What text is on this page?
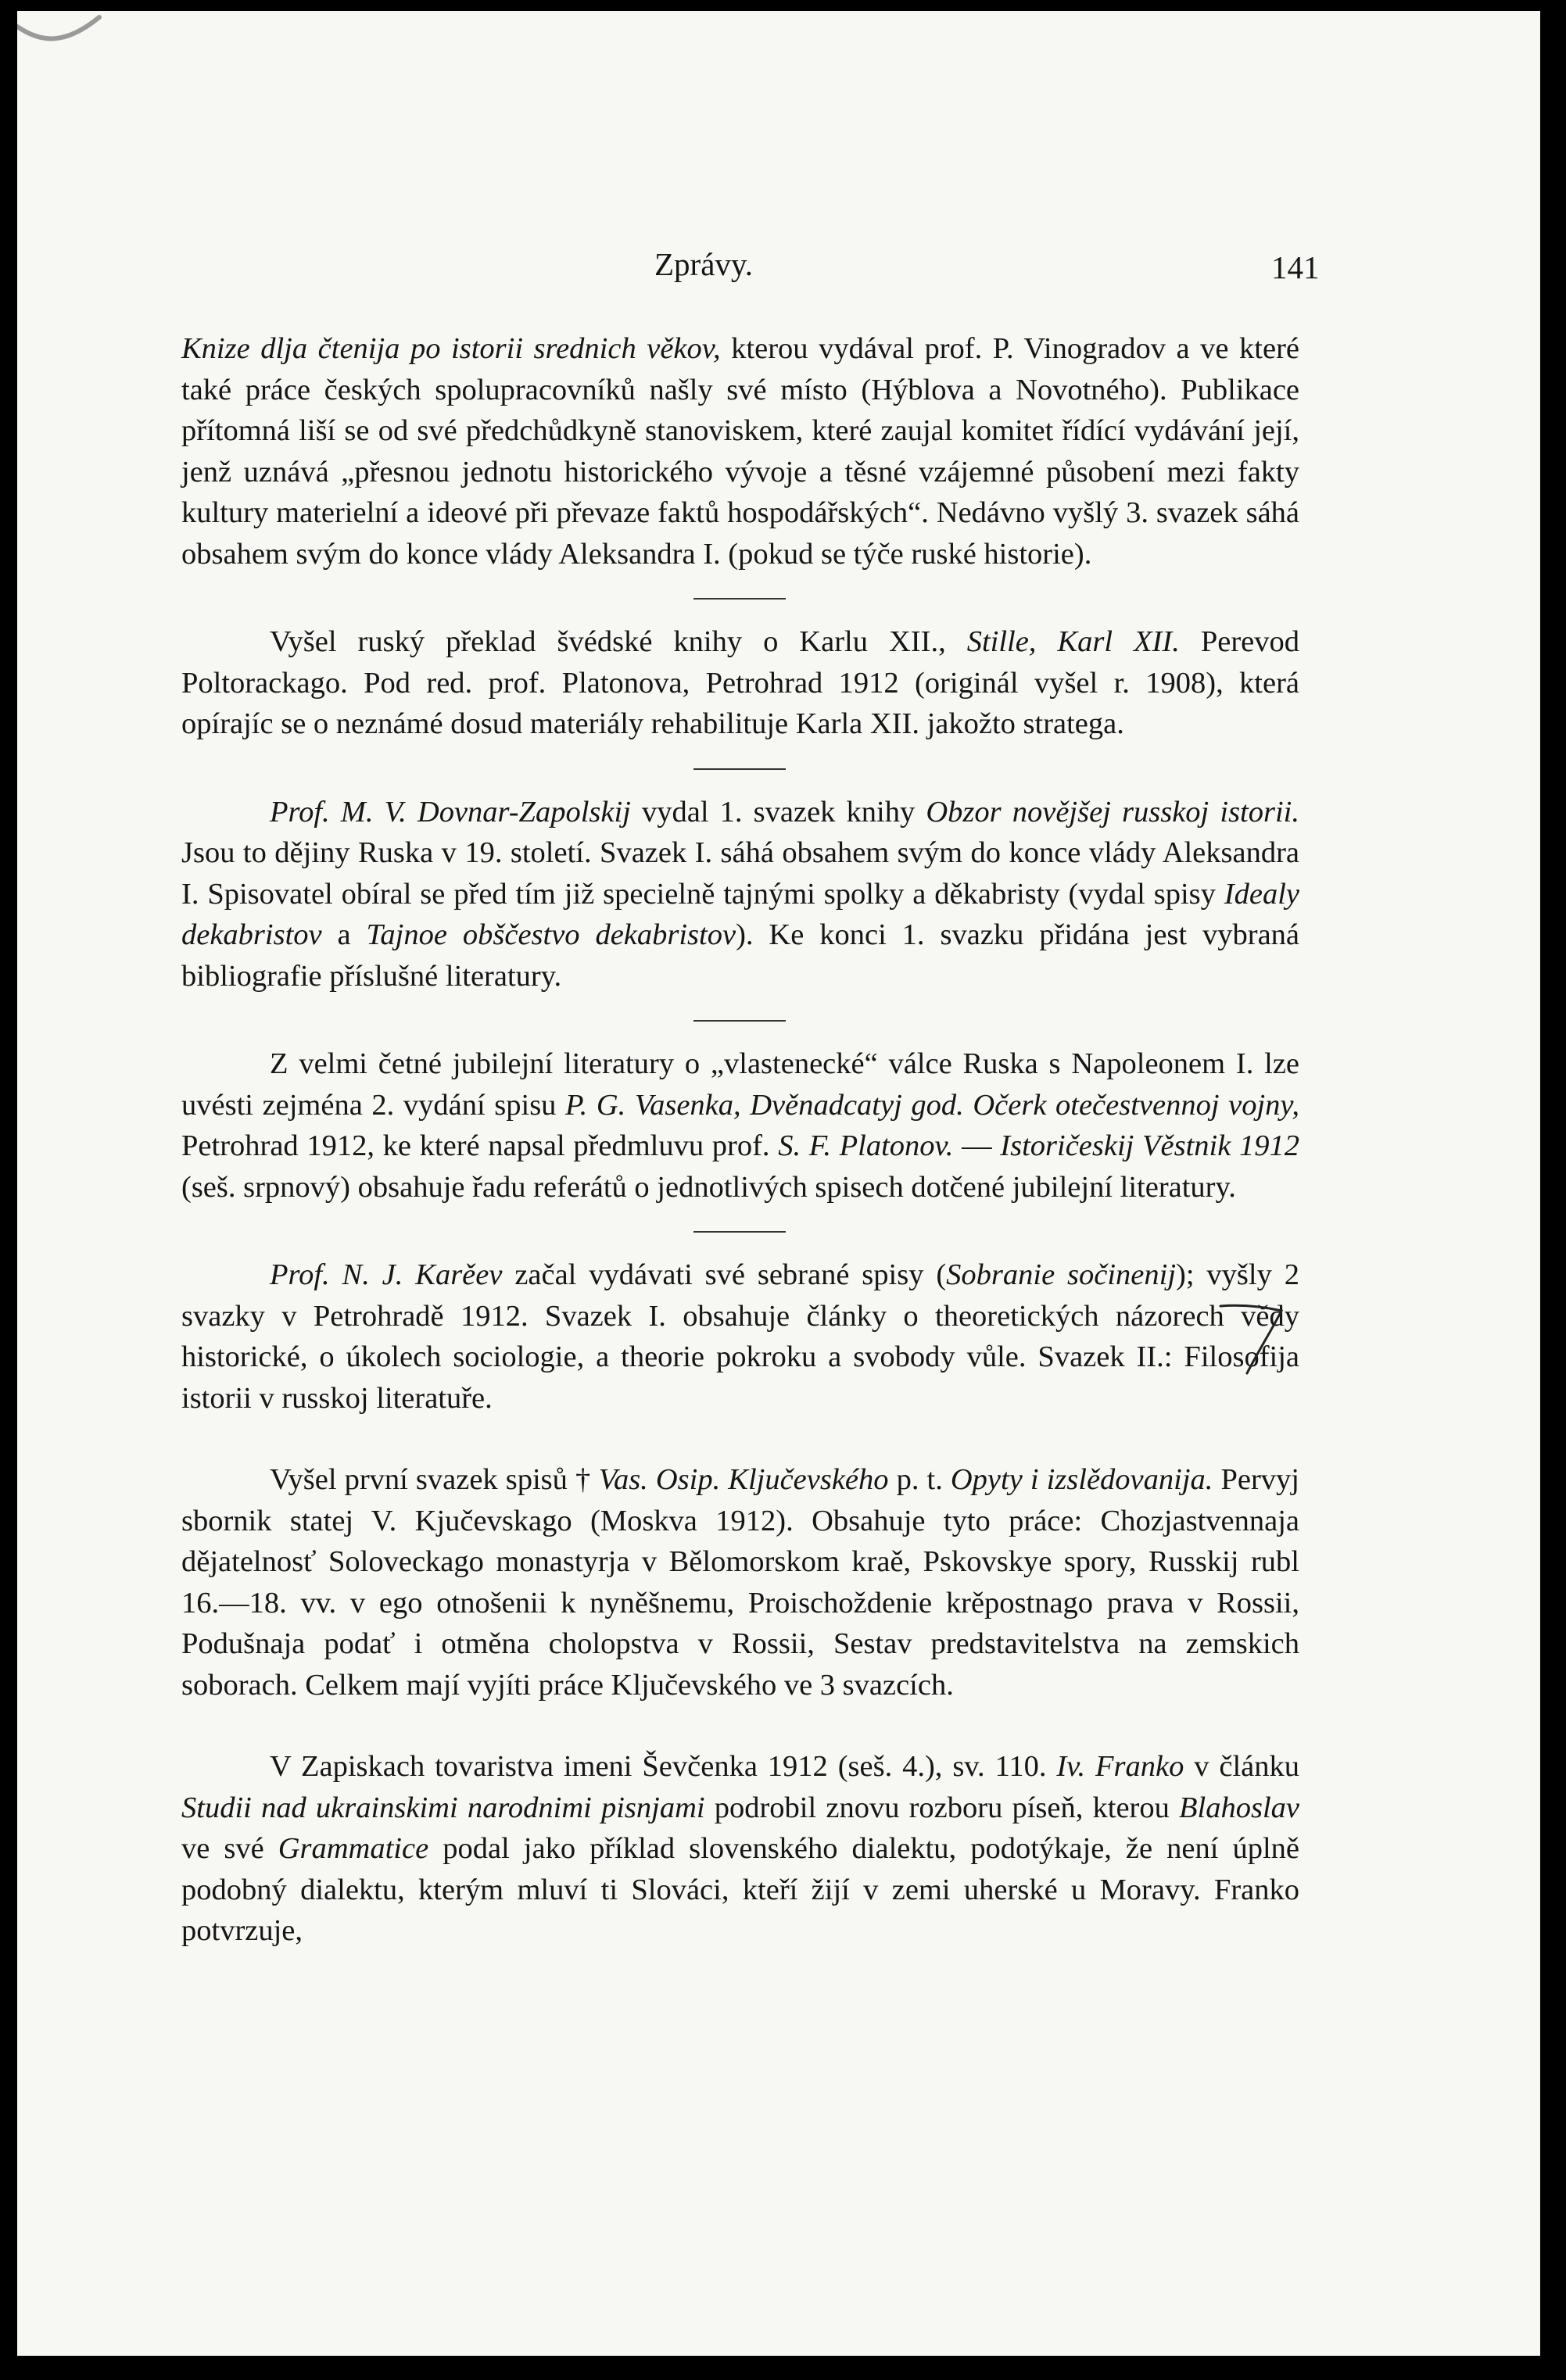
Zprávy.	141

Knize dlja čtenija po istorii srednich věkov, kterou vydával prof. P. Vinogradov a ve které také práce českých spolupracovníků našly své místo (Hýblova a Novotného). Publikace přítomná liší se od své předchůdkyně stanoviskem, které zaujal komitet řídící vydávání její, jenž uznává „přesnou jednotu historického vývoje a těsné vzájemné působení mezi fakty kultury materielní a ideové při převaze faktů hospodářských“. Nedávno vyšlý 3. svazek sáhá obsahem svým do konce vlády Aleksandra I. (pokud se týče ruské historie).

Vyšel ruský překlad švédské knihy o Karlu XII., Stille, Karl XII. Perevod Poltorackago. Pod red. prof. Platonova, Petrohrad 1912 (originál vyšel r. 1908), která opírajíc se o neznámé dosud materiály rehabilituje Karla XII. jakožto stratega.

Prof. M. V. Dovnar-Zapolskij vydal 1. svazek knihy Obzor novějšej russkoj istorii. Jsou to dějiny Ruska v 19. století. Svazek I. sáhá obsahem svým do konce vlády Aleksandra I. Spisovatel obíral se před tím již specielně tajnými spolky a děkabristy (vydal spisy Idealy dekabristov a Tajnoe obščestvo dekabristov). Ke konci 1. svazku přidána jest vybraná bibliografie příslušné literatury.

Z velmi četné jubilejní literatury o „vlastenecké“ válce Ruska s Napoleonem I. lze uvésti zejména 2. vydání spisu P. G. Vasenka, Dvěnadcatyj god. Očerk otečestvennoj vojny, Petrohrad 1912, ke které napsal předmluvu prof. S. F. Platonov. — Istoričeskij Věstnik 1912 (seš. srpnový) obsahuje řadu referátů o jednotlivých spisech dotčené jubilejní literatury.

Prof. N. J. Karěev začal vydávati své sebrané spisy (Sobranie sočinenij); vyšly 2 svazky v Petrohradě 1912. Svazek I. obsahuje články o theoretických názorech vědy historické, o úkolech sociologie, a theorie pokroku a svobody vůle. Svazek II.: Filosofija istorii v russkoj literatuře.

Vyšel první svazek spisů † Vas. Osip. Ključevského p. t. Opyty i izslědovanija. Pervyj sbornik statej V. Kjučevskago (Moskva 1912). Obsahuje tyto práce: Chozjastvennaja dějatelnosť Soloveckago monastyrja v Bělomorskom kraě, Pskovskye spory, Russkij rubl 16.—18. vv. v ego otnošenii k nyněšnemu, Proischoždenie krěpostnago prava v Rossii, Podušnaja podať i otměna cholopstva v Rossii, Sestav predstavitelstva na zemskich soborach. Celkem mají vyjíti práce Ključevského ve 3 svazcích.

V Zapiskach tovaristva imeni Ševčenka 1912 (seš. 4.), sv. 110. Iv. Franko v článku Studii nad ukrainskimi narodnimi pisnjami podrobil znovu rozboru píseň, kterou Blahoslav ve své Grammatice podal jako příklad slovenského dialektu, podotýkaje, že není úplně podobný dialektu, kterým mluví ti Slováci, kteří žijí v zemi uherské u Moravy. Franko potvrzuje,
